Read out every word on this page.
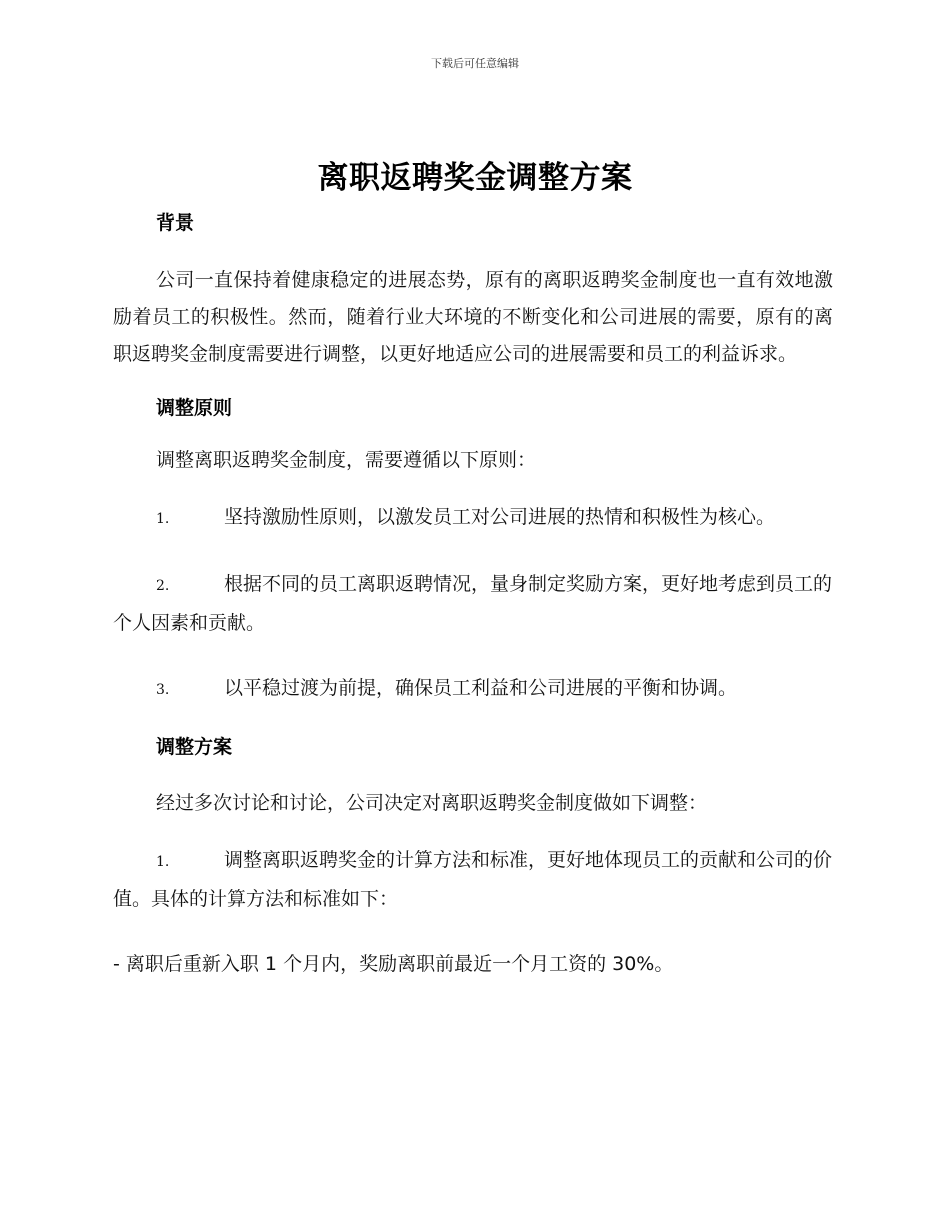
下载后可任意编辑
离职返聘奖金调整方案
背景

公司一直保持着健康稳定的进展态势，原有的离职返聘奖金制度也一直有效地激励着员工的积极性。然而，随着行业大环境的不断变化和公司进展的需要，原有的离职返聘奖金制度需要进行调整，以更好地适应公司的进展需要和员工的利益诉求。

调整原则

调整离职返聘奖金制度，需要遵循以下原则：

1.	坚持激励性原则，以激发员工对公司进展的热情和积极性为核心。
2.	根据不同的员工离职返聘情况，量身制定奖励方案，更好地考虑到员工的个人因素和贡献。
3.	以平稳过渡为前提，确保员工利益和公司进展的平衡和协调。
调整方案

经过多次讨论和讨论，公司决定对离职返聘奖金制度做如下调整：

1.	调整离职返聘奖金的计算方法和标准，更好地体现员工的贡献和公司的价值。具体的计算方法和标准如下：

- 离职后重新入职 1 个月内，奖励离职前最近一个月工资的 30%。
